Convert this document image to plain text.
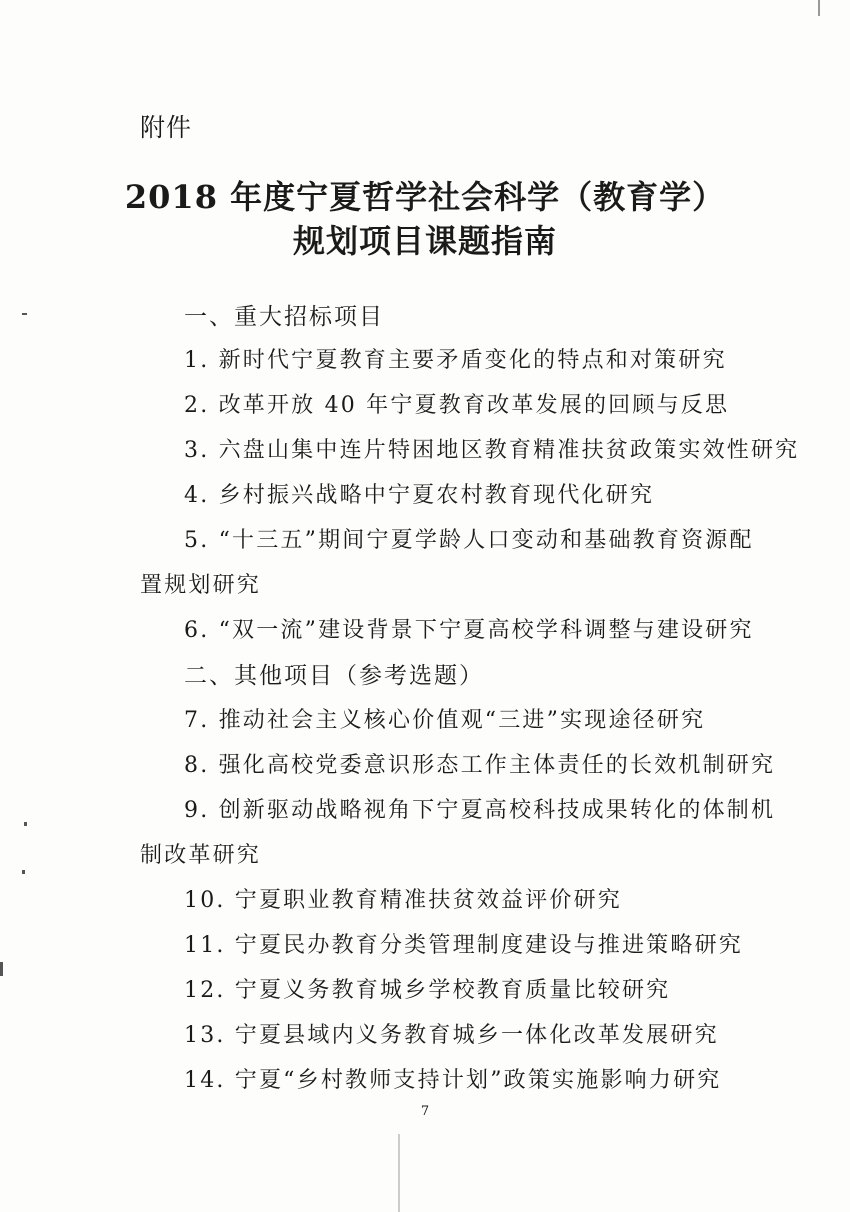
附件
2018 年度宁夏哲学社会科学（教育学）
规划项目课题指南
一、重大招标项目
1. 新时代宁夏教育主要矛盾变化的特点和对策研究
2. 改革开放 40 年宁夏教育改革发展的回顾与反思
3. 六盘山集中连片特困地区教育精准扶贫政策实效性研究
4. 乡村振兴战略中宁夏农村教育现代化研究
5. “十三五”期间宁夏学龄人口变动和基础教育资源配
置规划研究
6. “双一流”建设背景下宁夏高校学科调整与建设研究
二、其他项目（参考选题）
7. 推动社会主义核心价值观“三进”实现途径研究
8. 强化高校党委意识形态工作主体责任的长效机制研究
9. 创新驱动战略视角下宁夏高校科技成果转化的体制机
制改革研究
10. 宁夏职业教育精准扶贫效益评价研究
11. 宁夏民办教育分类管理制度建设与推进策略研究
12. 宁夏义务教育城乡学校教育质量比较研究
13. 宁夏县域内义务教育城乡一体化改革发展研究
14. 宁夏“乡村教师支持计划”政策实施影响力研究
7
